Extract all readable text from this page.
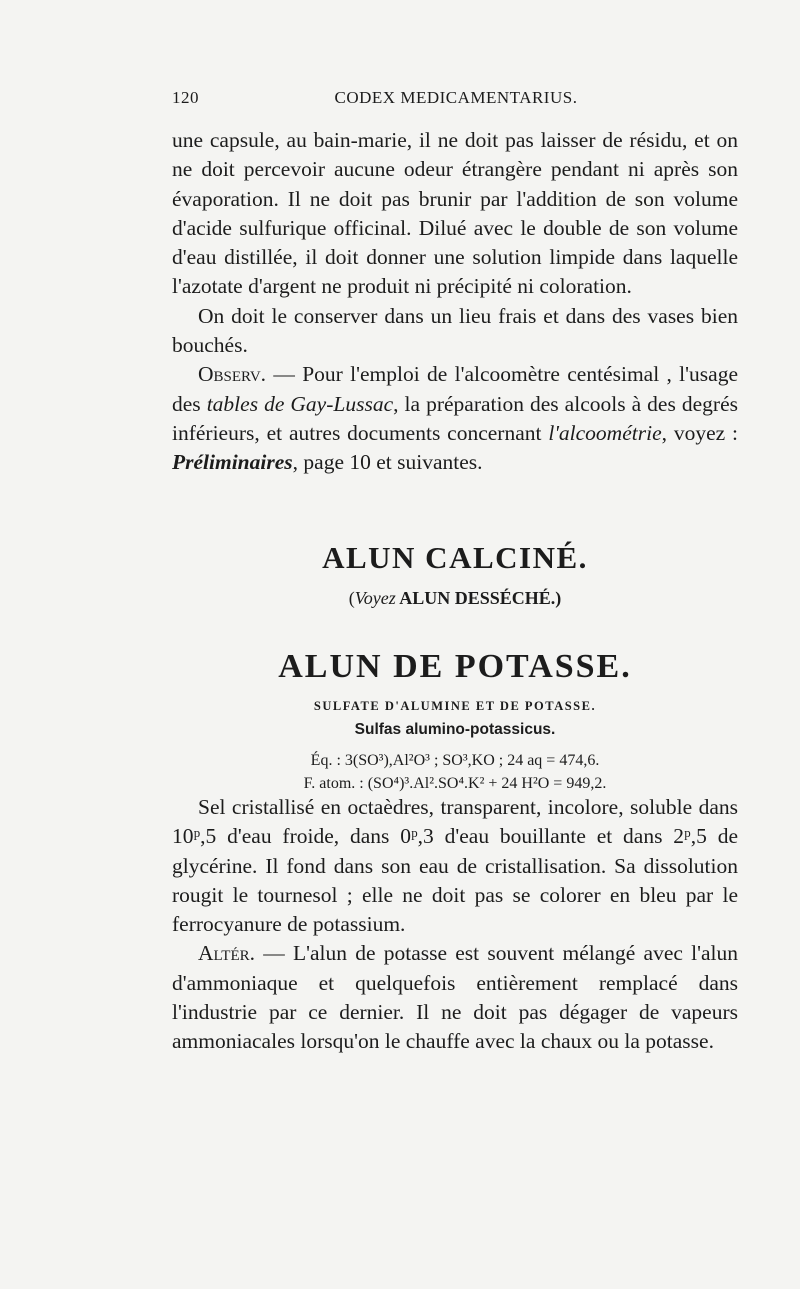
120	CODEX MEDICAMENTARIUS.

une capsule, au bain-marie, il ne doit pas laisser de résidu, et on ne doit percevoir aucune odeur étrangère pendant ni après son évaporation. Il ne doit pas brunir par l'addition de son volume d'acide sulfurique officinal. Dilué avec le double de son volume d'eau distillée, il doit donner une solution limpide dans laquelle l'azotate d'argent ne produit ni précipité ni coloration.

On doit le conserver dans un lieu frais et dans des vases bien bouchés.

Observ. — Pour l'emploi de l'alcoomètre centésimal , l'usage des tables de Gay-Lussac, la préparation des alcools à des degrés inférieurs, et autres documents concernant l'alcoométrie, voyez : Préliminaires, page 10 et suivantes.

ALUN CALCINÉ.
(Voyez ALUN DESSÉCHÉ.)
ALUN DE POTASSE.
SULFATE D'ALUMINE ET DE POTASSE.
Sulfas alumino-potassicus.
Éq. : 3(SO³),Al²O³ ; SO³,KO ; 24 aq = 474,6.
F. atom. : (SO⁴)³.Al².SO⁴.K² + 24 H²O = 949,2.

Sel cristallisé en octaèdres, transparent, incolore, soluble dans 10ᵖ,5 d'eau froide, dans 0ᵖ,3 d'eau bouillante et dans 2ᵖ,5 de glycérine. Il fond dans son eau de cristallisation. Sa dissolution rougit le tournesol ; elle ne doit pas se colorer en bleu par le ferrocyanure de potassium.

Altér. — L'alun de potasse est souvent mélangé avec l'alun d'ammoniaque et quelquefois entièrement remplacé dans l'industrie par ce dernier. Il ne doit pas dégager de vapeurs ammoniacales lorsqu'on le chauffe avec la chaux ou la potasse.
